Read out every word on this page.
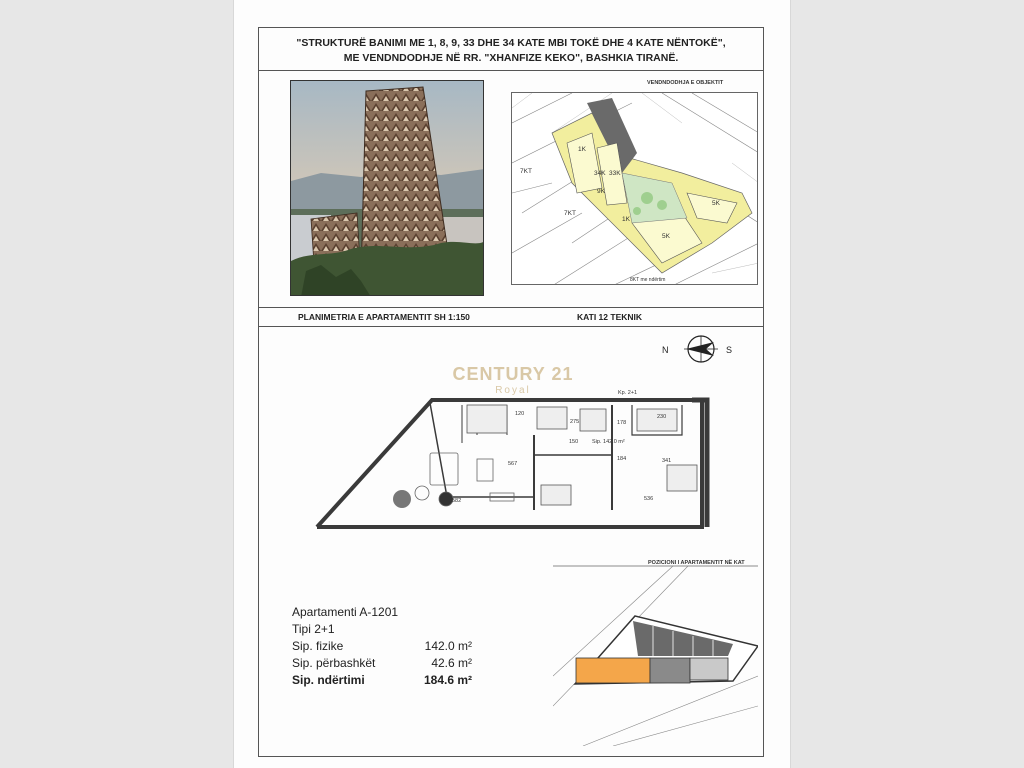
"STRUKTURË BANIMI ME 1, 8, 9, 33 DHE 34 KATE MBI TOKË DHE 4 KATE NËNTOKË",
ME VENDNDODHJE NË RR. "XHANFIZE KEKO", BASHKIA TIRANË.
VENDNDODHJA E OBJEKTIT
7KT
7KT
1K
34K 33K
9K
1K
5K
5K
8KT me ndërtim
PLANIMETRIA E APARTAMENTIT SH 1:150	KATI 12 TEKNIK
N	S
CENTURY 21
Royal
582	536
341
184
178
230
275
120
150
567
Kp. 2+1
Sip. 142.0 m²
Apartamenti A-1201
Tipi 2+1
Sip. fizike	142.0 m²
Sip. përbashkët	42.6 m²
Sip. ndërtimi	184.6 m²
POZICIONI I APARTAMENTIT NË KAT
